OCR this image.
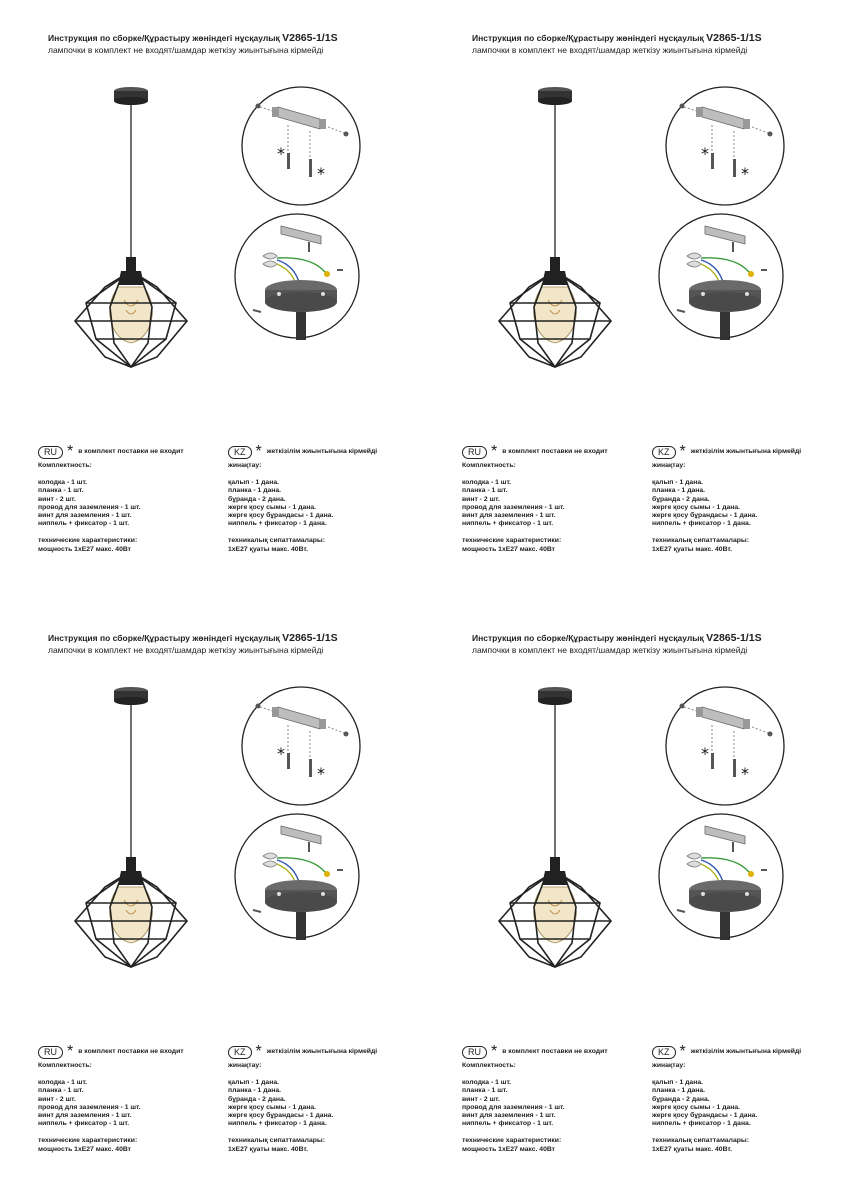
Инструкция по сборке/Құрастыру жөніндегі нұсқаулық V2865-1/1S
лампочки в комплект не входят/шамдар жеткізу жиынтығына кірмейді
*
*
RU * в комплект поставки не входит
Комплектность:
колодка - 1 шт.
планка - 1 шт.
винт - 2 шт.
провод для заземления - 1 шт.
винт для заземления - 1 шт.
ниппель + фиксатор - 1 шт.
технические характеристики:
мощность 1xE27 макс. 40Вт
KZ * жеткізілім жиынтығына кірмейді
жинақтау:
қалып - 1 дана.
планка - 1 дана.
бұранда - 2 дана.
жерге қосу сымы - 1 дана.
жерге қосу бұрандасы - 1 дана.
ниппель + фиксатор - 1 дана.
техникалық сипаттамалары:
1xE27 қуаты макс. 40Вт.
Инструкция по сборке/Құрастыру жөніндегі нұсқаулық V2865-1/1S
лампочки в комплект не входят/шамдар жеткізу жиынтығына кірмейді
*
*
RU * в комплект поставки не входит
Комплектность:
колодка - 1 шт.
планка - 1 шт.
винт - 2 шт.
провод для заземления - 1 шт.
винт для заземления - 1 шт.
ниппель + фиксатор - 1 шт.
технические характеристики:
мощность 1xE27 макс. 40Вт
KZ * жеткізілім жиынтығына кірмейді
жинақтау:
қалып - 1 дана.
планка - 1 дана.
бұранда - 2 дана.
жерге қосу сымы - 1 дана.
жерге қосу бұрандасы - 1 дана.
ниппель + фиксатор - 1 дана.
техникалық сипаттамалары:
1xE27 қуаты макс. 40Вт.
Инструкция по сборке/Құрастыру жөніндегі нұсқаулық V2865-1/1S
лампочки в комплект не входят/шамдар жеткізу жиынтығына кірмейді
*
*
RU * в комплект поставки не входит
Комплектность:
колодка - 1 шт.
планка - 1 шт.
винт - 2 шт.
провод для заземления - 1 шт.
винт для заземления - 1 шт.
ниппель + фиксатор - 1 шт.
технические характеристики:
мощность 1xE27 макс. 40Вт
KZ * жеткізілім жиынтығына кірмейді
жинақтау:
қалып - 1 дана.
планка - 1 дана.
бұранда - 2 дана.
жерге қосу сымы - 1 дана.
жерге қосу бұрандасы - 1 дана.
ниппель + фиксатор - 1 дана.
техникалық сипаттамалары:
1xE27 қуаты макс. 40Вт.
Инструкция по сборке/Құрастыру жөніндегі нұсқаулық V2865-1/1S
лампочки в комплект не входят/шамдар жеткізу жиынтығына кірмейді
*
*
RU * в комплект поставки не входит
Комплектность:
колодка - 1 шт.
планка - 1 шт.
винт - 2 шт.
провод для заземления - 1 шт.
винт для заземления - 1 шт.
ниппель + фиксатор - 1 шт.
технические характеристики:
мощность 1xE27 макс. 40Вт
KZ * жеткізілім жиынтығына кірмейді
жинақтау:
қалып - 1 дана.
планка - 1 дана.
бұранда - 2 дана.
жерге қосу сымы - 1 дана.
жерге қосу бұрандасы - 1 дана.
ниппель + фиксатор - 1 дана.
техникалық сипаттамалары:
1xE27 қуаты макс. 40Вт.
